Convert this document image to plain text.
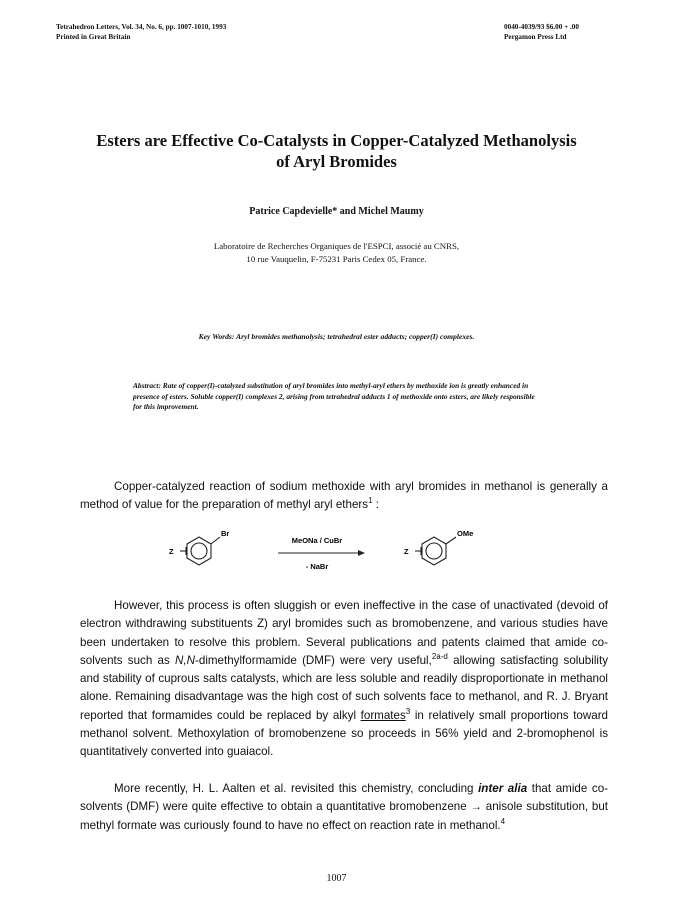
Tetrahedron Letters, Vol. 34, No. 6, pp. 1007-1010, 1993
Printed in Great Britain
0040-4039/93 $6.00 + .00
Pergamon Press Ltd
Esters are Effective Co-Catalysts in Copper-Catalyzed Methanolysis
of Aryl Bromides
Patrice Capdevielle* and Michel Maumy
Laboratoire de Recherches Organiques de l'ESPCI, associé au CNRS,
10 rue Vauquelin, F-75231 Paris Cedex 05, France.
Key Words: Aryl bromides methanolysis; tetrahedral ester adducts; copper(I) complexes.
Abstract: Rate of copper(I)-catalyzed substitution of aryl bromides into methyl-aryl ethers by methoxide ion is greatly enhanced in presence of esters. Soluble copper(I) complexes 2, arising from tetrahedral adducts 1 of methoxide onto esters, are likely responsible for this improvement.
Copper-catalyzed reaction of sodium methoxide with aryl bromides in methanol is generally a method of value for the preparation of methyl aryl ethers$^1$ :
Br
Z
MeONa / CuBr
- NaBr
OMe
Z
However, this process is often sluggish or even ineffective in the case of unactivated (devoid of electron withdrawing substituents Z) aryl bromides such as bromobenzene, and various studies have been undertaken to resolve this problem. Several publications and patents claimed that amide co-solvents such as N,N-dimethylformamide (DMF) were very useful,$^{2a-d}$ allowing satisfacting solubility and stability of cuprous salts catalysts, which are less soluble and readily disproportionate in methanol alone. Remaining disadvantage was the high cost of such solvents face to methanol, and R. J. Bryant reported that formamides could be replaced by alkyl formates$^3$ in relatively small proportions toward methanol solvent. Methoxylation of bromobenzene so proceeds in 56% yield and 2-bromophenol is quantitatively converted into guaiacol.
More recently, H. L. Aalten et al. revisited this chemistry, concluding inter alia that amide co-solvents (DMF) were quite effective to obtain a quantitative bromobenzene → anisole substitution, but methyl formate was curiously found to have no effect on reaction rate in methanol.$^4$
1007
